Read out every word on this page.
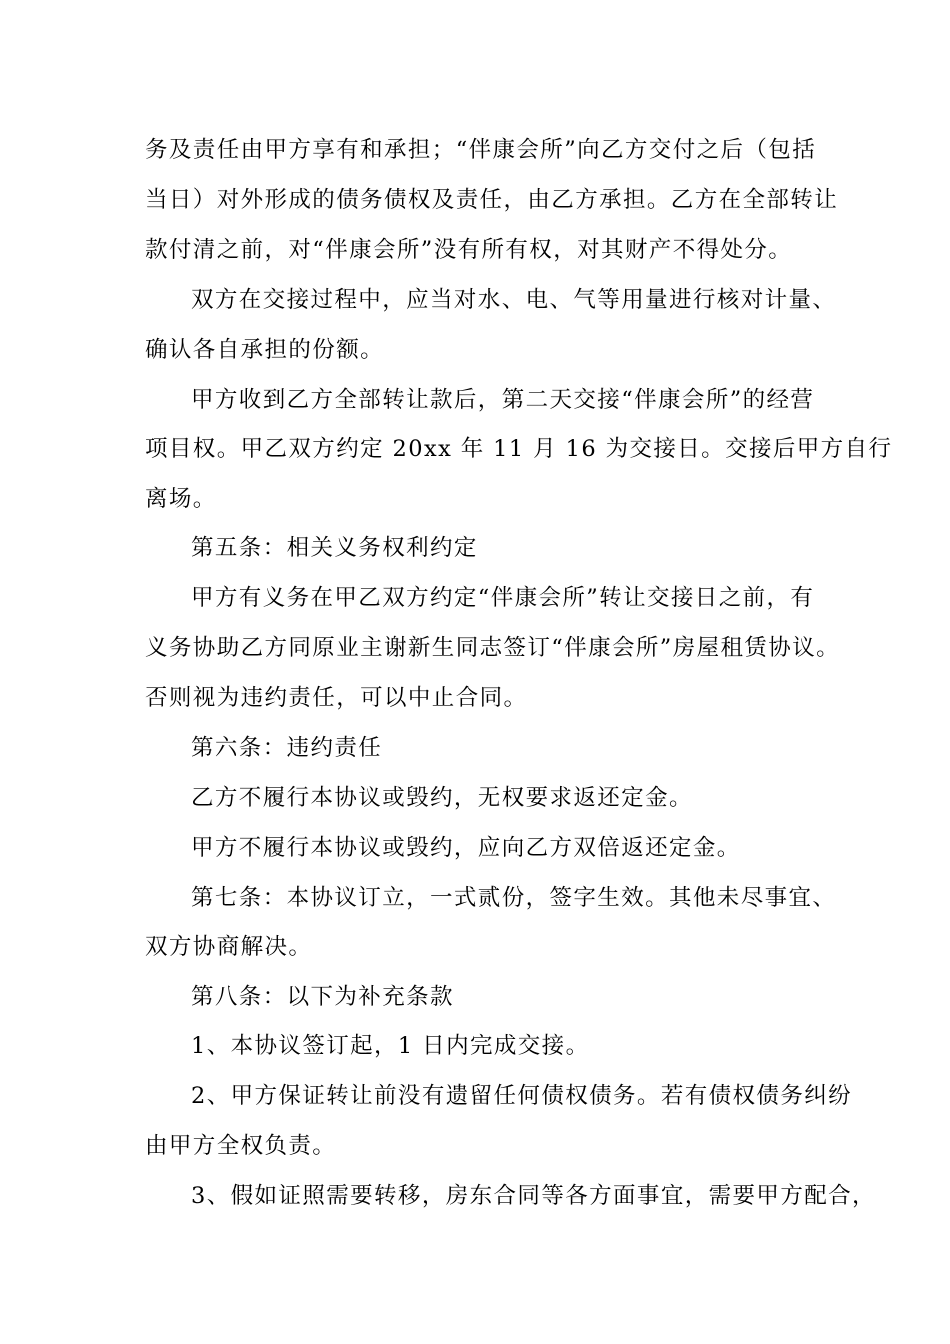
务及责任由甲方享有和承担；“伴康会所”向乙方交付之后（包括
当日）对外形成的债务债权及责任，由乙方承担。乙方在全部转让
款付清之前，对“伴康会所”没有所有权，对其财产不得处分。
双方在交接过程中，应当对水、电、气等用量进行核对计量、
确认各自承担的份额。
甲方收到乙方全部转让款后，第二天交接“伴康会所”的经营
项目权。甲乙双方约定 20xx 年 11 月 16 为交接日。交接后甲方自行
离场。
第五条：相关义务权利约定
甲方有义务在甲乙双方约定“伴康会所”转让交接日之前，有
义务协助乙方同原业主谢新生同志签订“伴康会所”房屋租赁协议。
否则视为违约责任，可以中止合同。
第六条：违约责任
乙方不履行本协议或毁约，无权要求返还定金。
甲方不履行本协议或毁约，应向乙方双倍返还定金。
第七条：本协议订立，一式贰份，签字生效。其他未尽事宜、
双方协商解决。
第八条：以下为补充条款
1、本协议签订起，1 日内完成交接。
2、甲方保证转让前没有遗留任何债权债务。若有债权债务纠纷
由甲方全权负责。
3、假如证照需要转移，房东合同等各方面事宜，需要甲方配合，
